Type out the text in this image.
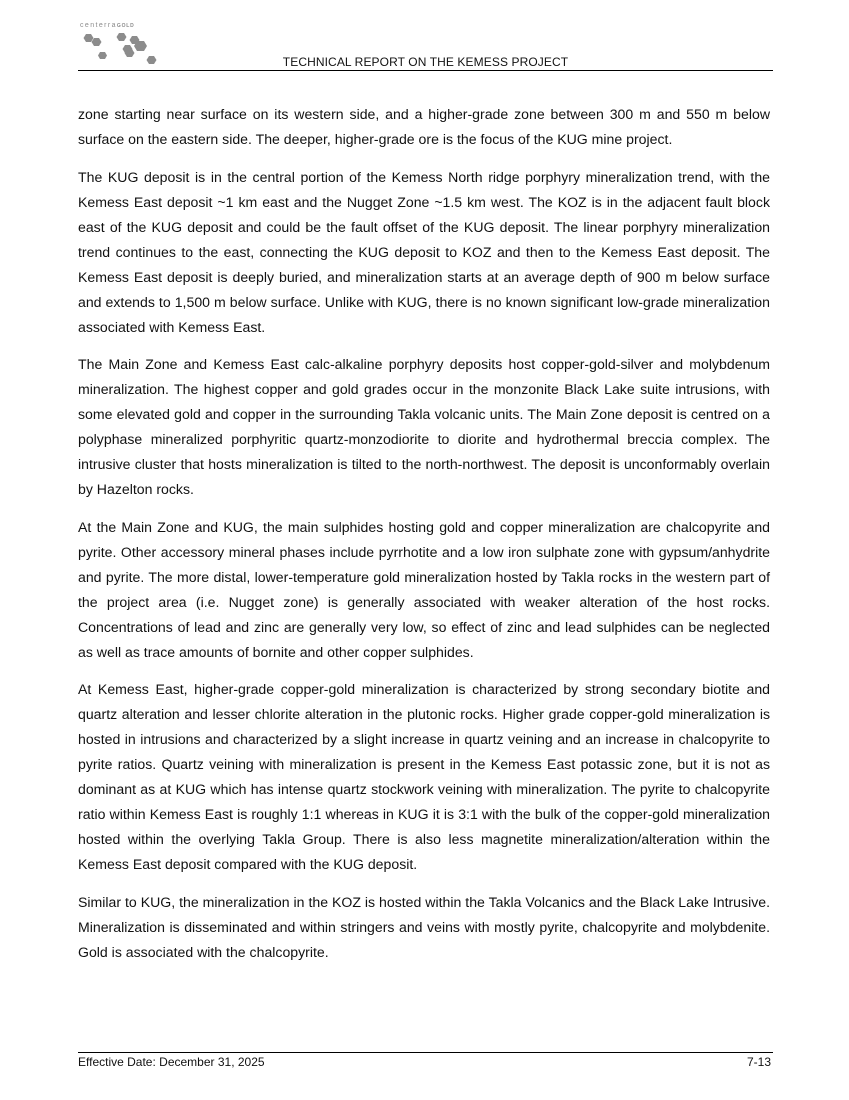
centerraGOLD
TECHNICAL REPORT ON THE KEMESS PROJECT

zone starting near surface on its western side, and a higher-grade zone between 300 m and 550 m below surface on the eastern side. The deeper, higher-grade ore is the focus of the KUG mine project.

The KUG deposit is in the central portion of the Kemess North ridge porphyry mineralization trend, with the Kemess East deposit ~1 km east and the Nugget Zone ~1.5 km west. The KOZ is in the adjacent fault block east of the KUG deposit and could be the fault offset of the KUG deposit. The linear porphyry mineralization trend continues to the east, connecting the KUG deposit to KOZ and then to the Kemess East deposit. The Kemess East deposit is deeply buried, and mineralization starts at an average depth of 900 m below surface and extends to 1,500 m below surface. Unlike with KUG, there is no known significant low-grade mineralization associated with Kemess East.

The Main Zone and Kemess East calc-alkaline porphyry deposits host copper-gold-silver and molybdenum mineralization. The highest copper and gold grades occur in the monzonite Black Lake suite intrusions, with some elevated gold and copper in the surrounding Takla volcanic units. The Main Zone deposit is centred on a polyphase mineralized porphyritic quartz-monzodiorite to diorite and hydrothermal breccia complex. The intrusive cluster that hosts mineralization is tilted to the north-northwest. The deposit is unconformably overlain by Hazelton rocks.

At the Main Zone and KUG, the main sulphides hosting gold and copper mineralization are chalcopyrite and pyrite. Other accessory mineral phases include pyrrhotite and a low iron sulphate zone with gypsum/anhydrite and pyrite. The more distal, lower-temperature gold mineralization hosted by Takla rocks in the western part of the project area (i.e. Nugget zone) is generally associated with weaker alteration of the host rocks. Concentrations of lead and zinc are generally very low, so effect of zinc and lead sulphides can be neglected as well as trace amounts of bornite and other copper sulphides.

At Kemess East, higher-grade copper-gold mineralization is characterized by strong secondary biotite and quartz alteration and lesser chlorite alteration in the plutonic rocks. Higher grade copper-gold mineralization is hosted in intrusions and characterized by a slight increase in quartz veining and an increase in chalcopyrite to pyrite ratios. Quartz veining with mineralization is present in the Kemess East potassic zone, but it is not as dominant as at KUG which has intense quartz stockwork veining with mineralization. The pyrite to chalcopyrite ratio within Kemess East is roughly 1:1 whereas in KUG it is 3:1 with the bulk of the copper-gold mineralization hosted within the overlying Takla Group. There is also less magnetite mineralization/alteration within the Kemess East deposit compared with the KUG deposit.

Similar to KUG, the mineralization in the KOZ is hosted within the Takla Volcanics and the Black Lake Intrusive. Mineralization is disseminated and within stringers and veins with mostly pyrite, chalcopyrite and molybdenite. Gold is associated with the chalcopyrite.

Effective Date: December 31, 2025	7-13
